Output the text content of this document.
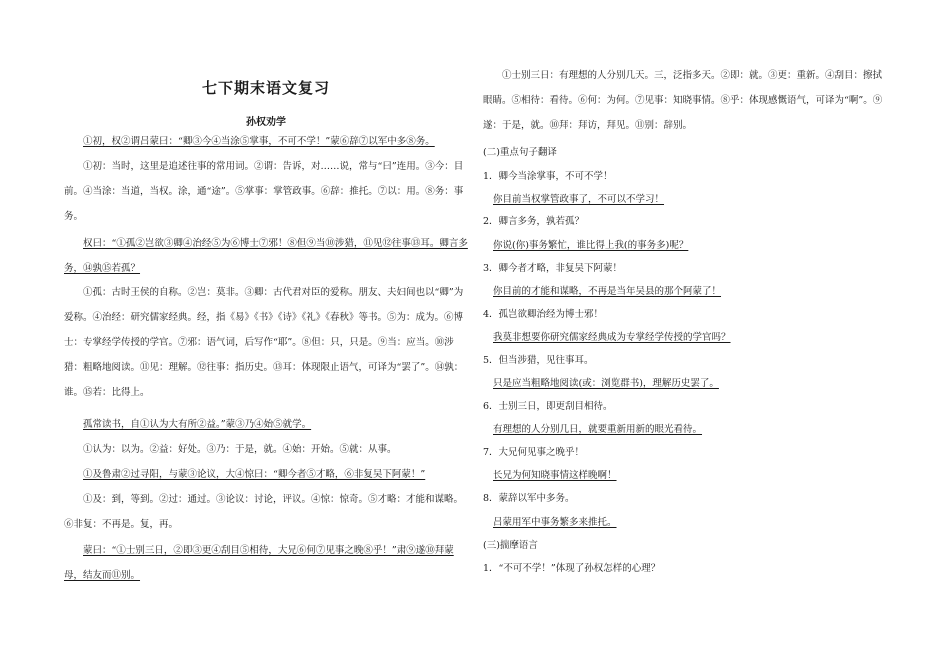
七下期末语文复习
孙权劝学
①初，权②谓吕蒙曰：“卿③今④当涂⑤掌事，不可不学！”蒙⑥辞⑦以军中多⑧务。
①初：当时，这里是追述往事的常用词。②谓：告诉，对……说，常与“曰”连用。③今：目前。④当涂：当道，当权。涂，通“途”。⑤掌事：掌管政事。⑥辞：推托。⑦以：用。⑧务：事务。
权曰：“①孤②岂欲③卿④治经⑤为⑥博士⑦邪！⑧但⑨当⑩涉猎，⑪见⑫往事⑬耳。卿言多务，⑭孰⑮若孤？
①孤：古时王侯的自称。②岂：莫非。③卿：古代君对臣的爱称。朋友、夫妇间也以“卿”为爱称。④治经：研究儒家经典。经，指《易》《书》《诗》《礼》《春秋》等书。⑤为：成为。⑥博士：专掌经学传授的学官。⑦邪：语气词，后写作“耶”。⑧但：只，只是。⑨当：应当。⑩涉猎：粗略地阅读。⑪见：理解。⑫往事：指历史。⑬耳：体现限止语气，可译为“罢了”。⑭孰：谁。⑮若：比得上。
孤常读书，自①认为大有所②益。”蒙③乃④始⑤就学。
①认为：以为。②益：好处。③乃：于是，就。④始：开始。⑤就：从事。
①及鲁肃②过寻阳，与蒙③论议，大④惊曰：“卿今者⑤才略，⑥非复吴下阿蒙！”
①及：到，等到。②过：通过。③论议：讨论，评议。④惊：惊奇。⑤才略：才能和谋略。⑥非复：不再是。复，再。
蒙曰：“①士别三日，②即③更④刮目⑤相待，大兄⑥何⑦见事之晚⑧乎！”肃⑨遂⑩拜蒙母，结友而⑪别。
①士别三日：有理想的人分别几天。三，泛指多天。②即：就。③更：重新。④刮目：擦拭眼睛。⑤相待：看待。⑥何：为何。⑦见事：知晓事情。⑧乎：体现感慨语气，可译为“啊”。⑨遂：于是，就。⑩拜：拜访，拜见。⑪别：辞别。
(二)重点句子翻译
1．卿今当涂掌事，不可不学！
你目前当权掌管政事了，不可以不学习！
2．卿言多务，孰若孤？
你说(你)事务繁忙，谁比得上我(的事务多)呢？
3．卿今者才略，非复吴下阿蒙！
你目前的才能和谋略，不再是当年吴县的那个阿蒙了！
4．孤岂欲卿治经为博士邪！
我莫非想要你研究儒家经典成为专掌经学传授的学官吗？
5．但当涉猎，见往事耳。
只是应当粗略地阅读(或：浏览群书)，理解历史罢了。
6．士别三日，即更刮目相待。
有理想的人分别几日，就要重新用新的眼光看待。
7．大兄何见事之晚乎！
长兄为何知晓事情这样晚啊！
8．蒙辞以军中多务。
吕蒙用军中事务繁多来推托。
(三)揣摩语言
1．“不可不学！”体现了孙权怎样的心理？
